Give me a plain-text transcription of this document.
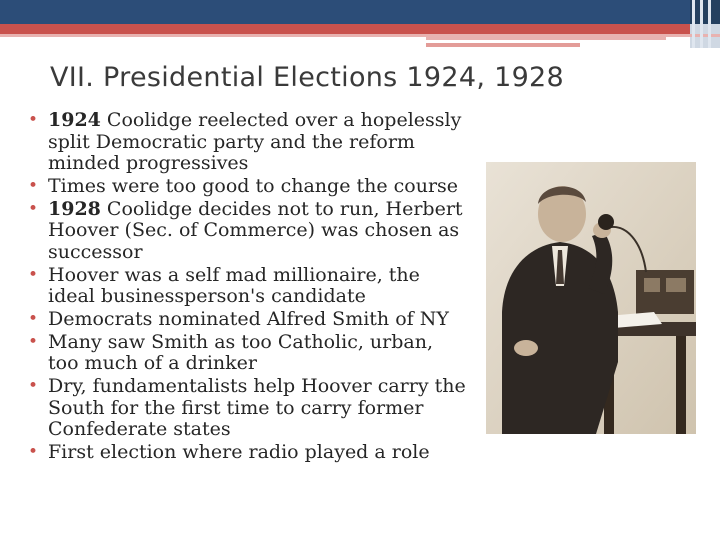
VII. Presidential Elections 1924, 1928
• 1924 Coolidge reelected over a hopelessly split Democratic party and the reform minded progressives
• Times were too good to change the course
• 1928 Coolidge decides not to run, Herbert Hoover (Sec. of Commerce) was chosen as successor
• Hoover was a self mad millionaire, the ideal businessperson's candidate
• Democrats nominated Alfred Smith of NY
• Many saw Smith as too Catholic, urban, too much of a drinker
• Dry, fundamentalists help Hoover carry the South for the first time to carry former Confederate states
• First election where radio played a role
